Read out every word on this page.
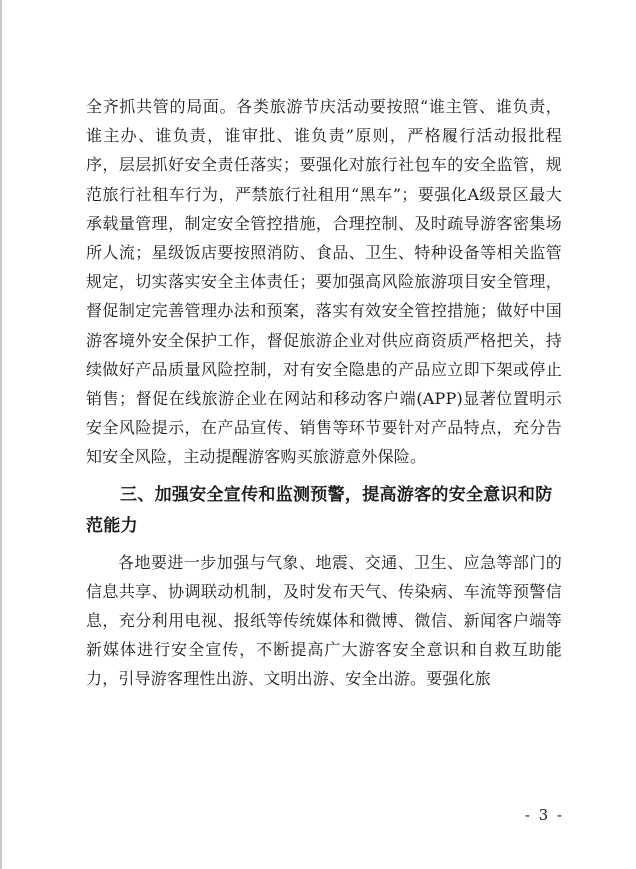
全齐抓共管的局面。各类旅游节庆活动要按照“谁主管、谁负责，谁主办、谁负责，谁审批、谁负责”原则，严格履行活动报批程序，层层抓好安全责任落实；要强化对旅行社包车的安全监管，规范旅行社租车行为，严禁旅行社租用“黑车”；要强化A级景区最大承载量管理，制定安全管控措施，合理控制、及时疏导游客密集场所人流；星级饭店要按照消防、食品、卫生、特种设备等相关监管规定，切实落实安全主体责任；要加强高风险旅游项目安全管理，督促制定完善管理办法和预案，落实有效安全管控措施；做好中国游客境外安全保护工作，督促旅游企业对供应商资质严格把关，持续做好产品质量风险控制，对有安全隐患的产品应立即下架或停止销售；督促在线旅游企业在网站和移动客户端(APP)显著位置明示安全风险提示，在产品宣传、销售等环节要针对产品特点，充分告知安全风险，主动提醒游客购买旅游意外保险。

三、加强安全宣传和监测预警，提高游客的安全意识和防范能力

各地要进一步加强与气象、地震、交通、卫生、应急等部门的信息共享、协调联动机制，及时发布天气、传染病、车流等预警信息，充分利用电视、报纸等传统媒体和微博、微信、新闻客户端等新媒体进行安全宣传，不断提高广大游客安全意识和自救互助能力，引导游客理性出游、文明出游、安全出游。要强化旅

- 3 -
